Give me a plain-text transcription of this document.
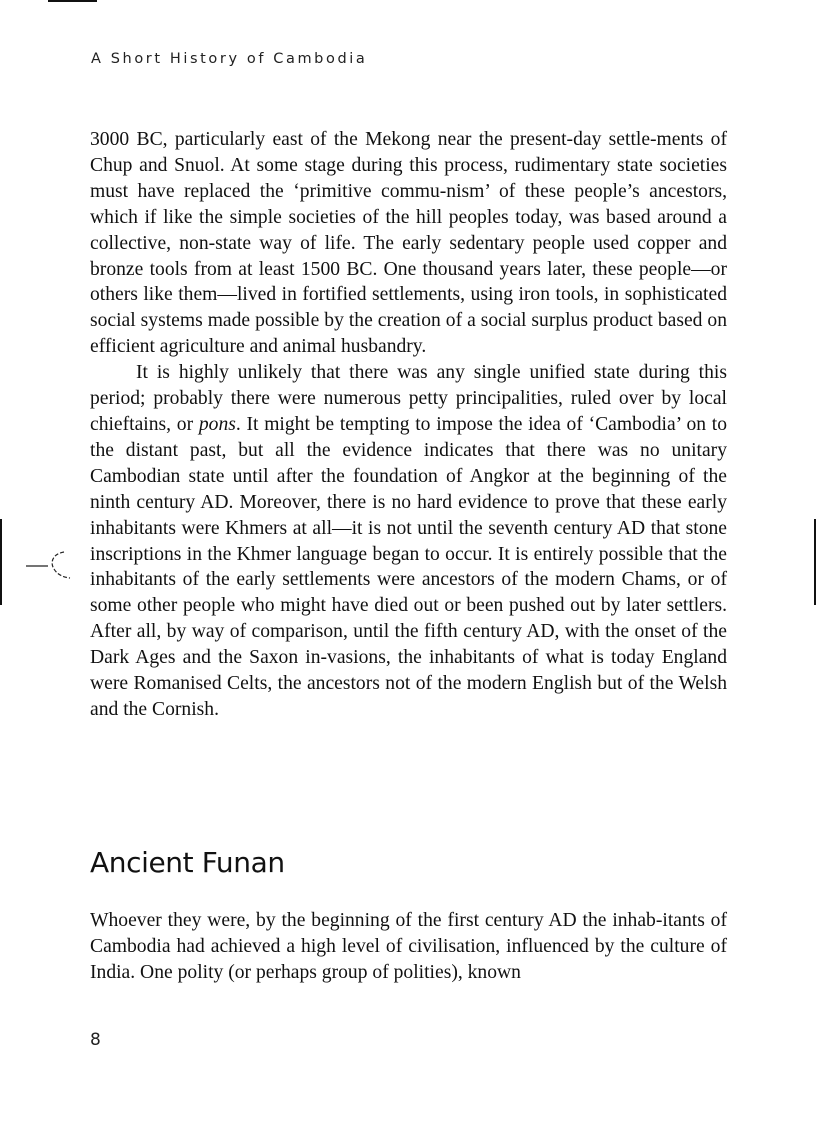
A Short History of Cambodia

3000 BC, particularly east of the Mekong near the present-day settle-ments of Chup and Snuol. At some stage during this process, rudimentary state societies must have replaced the ‘primitive commu-nism’ of these people’s ancestors, which if like the simple societies of the hill peoples today, was based around a collective, non-state way of life. The early sedentary people used copper and bronze tools from at least 1500 BC. One thousand years later, these people—or others like them—lived in fortified settlements, using iron tools, in sophisticated social systems made possible by the creation of a social surplus product based on efficient agriculture and animal husbandry.

It is highly unlikely that there was any single unified state during this period; probably there were numerous petty principalities, ruled over by local chieftains, or pons. It might be tempting to impose the idea of ‘Cambodia’ on to the distant past, but all the evidence indicates that there was no unitary Cambodian state until after the foundation of Angkor at the beginning of the ninth century AD. Moreover, there is no hard evidence to prove that these early inhabitants were Khmers at all—it is not until the seventh century AD that stone inscriptions in the Khmer language began to occur. It is entirely possible that the inhabitants of the early settlements were ancestors of the modern Chams, or of some other people who might have died out or been pushed out by later settlers. After all, by way of comparison, until the fifth century AD, with the onset of the Dark Ages and the Saxon in-vasions, the inhabitants of what is today England were Romanised Celts, the ancestors not of the modern English but of the Welsh and the Cornish.

Ancient Funan

Whoever they were, by the beginning of the first century AD the inhab-itants of Cambodia had achieved a high level of civilisation, influenced by the culture of India. One polity (or perhaps group of polities), known

8
